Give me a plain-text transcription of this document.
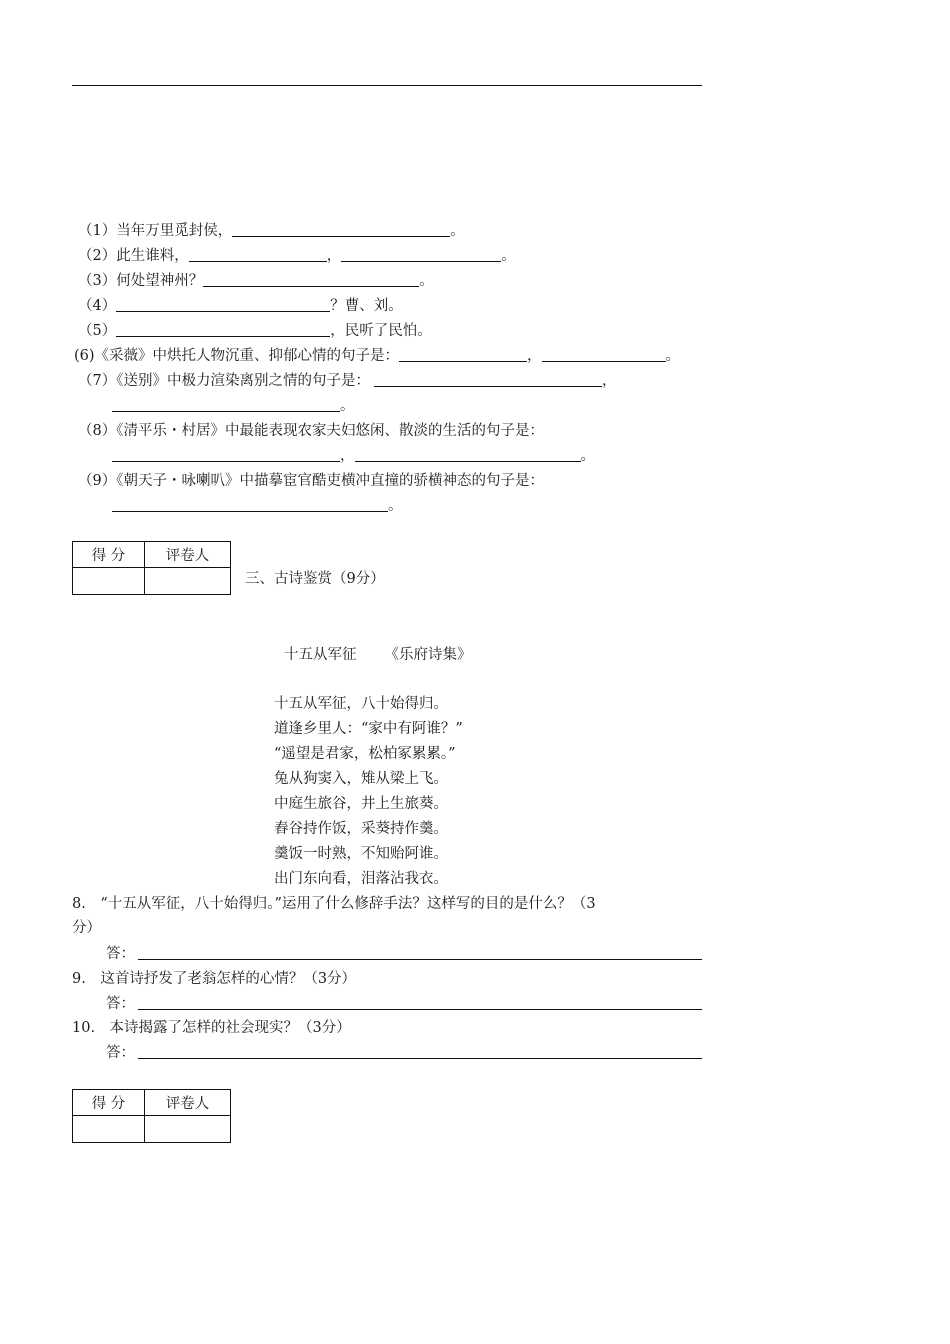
（1）当年万里觅封侯，	。
（2）此生谁料，	，	。
（3）何处望神州？	。
（4）	？曹、刘。
（5）	，民听了民怕。
(6)《采薇》中烘托人物沉重、抑郁心情的句子是：	，	。
（7）《送别》中极力渲染离别之情的句子是：	，
。
（8）《清平乐・村居》中最能表现农家夫妇悠闲、散淡的生活的句子是：
，	。
（9）《朝天子・咏喇叭》中描摹宦官酷吏横冲直撞的骄横神态的句子是：
。
得 分	评卷人

三、古诗鉴赏（9分）
十五从军征 《乐府诗集》
十五从军征，八十始得归。
道逢乡里人：“家中有阿谁？”
“遥望是君家，松柏冢累累。”
兔从狗窦入，雉从梁上飞。
中庭生旅谷，井上生旅葵。
舂谷持作饭，采葵持作羹。
羹饭一时熟，不知贻阿谁。
出门东向看，泪落沾我衣。
8.　“十五从军征，八十始得归。”运用了什么修辞手法？这样写的目的是什么？（3
分）
答：
9.　这首诗抒发了老翁怎样的心情？（3分）
答：
10.　本诗揭露了怎样的社会现实？（3分）
答：
得 分	评卷人
